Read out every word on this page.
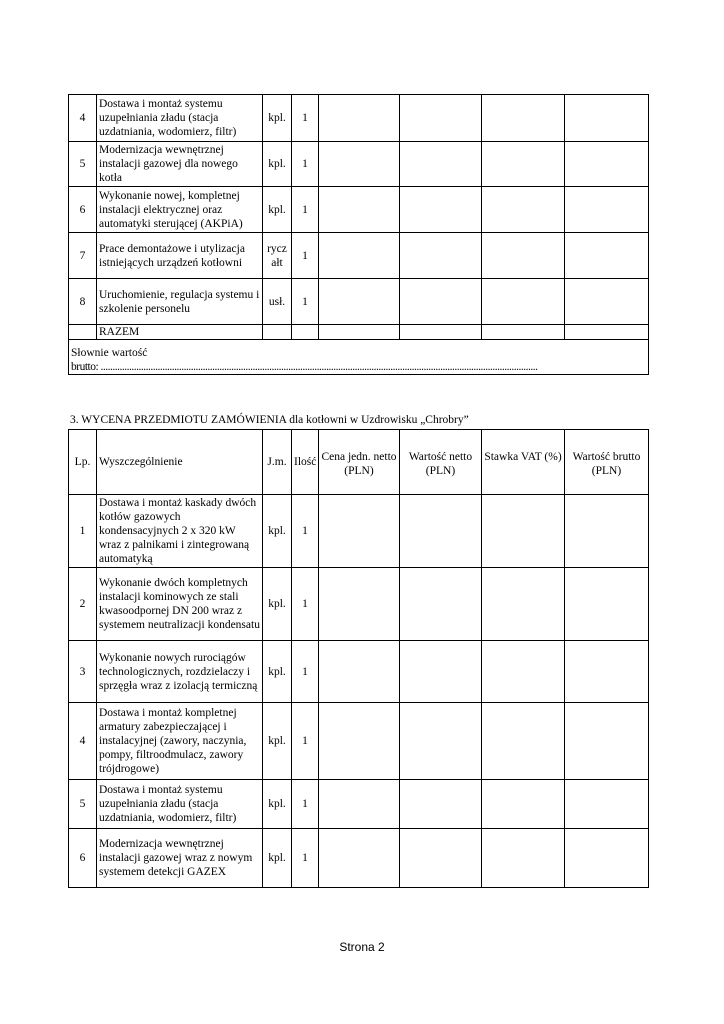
4	Dostawa i montaż systemu uzupełniania zładu (stacja uzdatniania, wodomierz, filtr)	kpl.	1				
5	Modernizacja wewnętrznej instalacji gazowej dla nowego kotła	kpl.	1				
6	Wykonanie nowej, kompletnej instalacji elektrycznej oraz automatyki sterującej (AKPiA)	kpl.	1				
7	Prace demontażowe i utylizacja istniejących urządzeń kotłowni	rycz ałt	1				
8	Uruchomienie, regulacja systemu i szkolenie personelu	usł.	1				
	RAZEM						

Słownie wartość
brutto: ........................................................................................................................................................................................							
3. WYCENA PRZEDMIOTU ZAMÓWIENIA dla kotłowni w Uzdrowisku „Chrobry”
Lp.	Wyszczególnienie	J.m.	Ilość	Cena jedn. netto (PLN)	Wartość netto (PLN)	Stawka VAT (%)	Wartość brutto (PLN)
1	Dostawa i montaż kaskady dwóch kotłów gazowych kondensacyjnych 2 x 320 kW wraz z palnikami i zintegrowaną automatyką	kpl.	1				
2	Wykonanie dwóch kompletnych instalacji kominowych ze stali kwasoodpornej DN 200 wraz z systemem neutralizacji kondensatu	kpl.	1				
3	Wykonanie nowych rurociągów technologicznych, rozdzielaczy i sprzęgła wraz z izolacją termiczną	kpl.	1				
4	Dostawa i montaż kompletnej armatury zabezpieczającej i instalacyjnej (zawory, naczynia, pompy, filtroodmulacz, zawory trójdrogowe)	kpl.	1				
5	Dostawa i montaż systemu uzupełniania zładu (stacja uzdatniania, wodomierz, filtr)	kpl.	1				
6	Modernizacja wewnętrznej instalacji gazowej wraz z nowym systemem detekcji GAZEX	kpl.	1				
Strona 2
